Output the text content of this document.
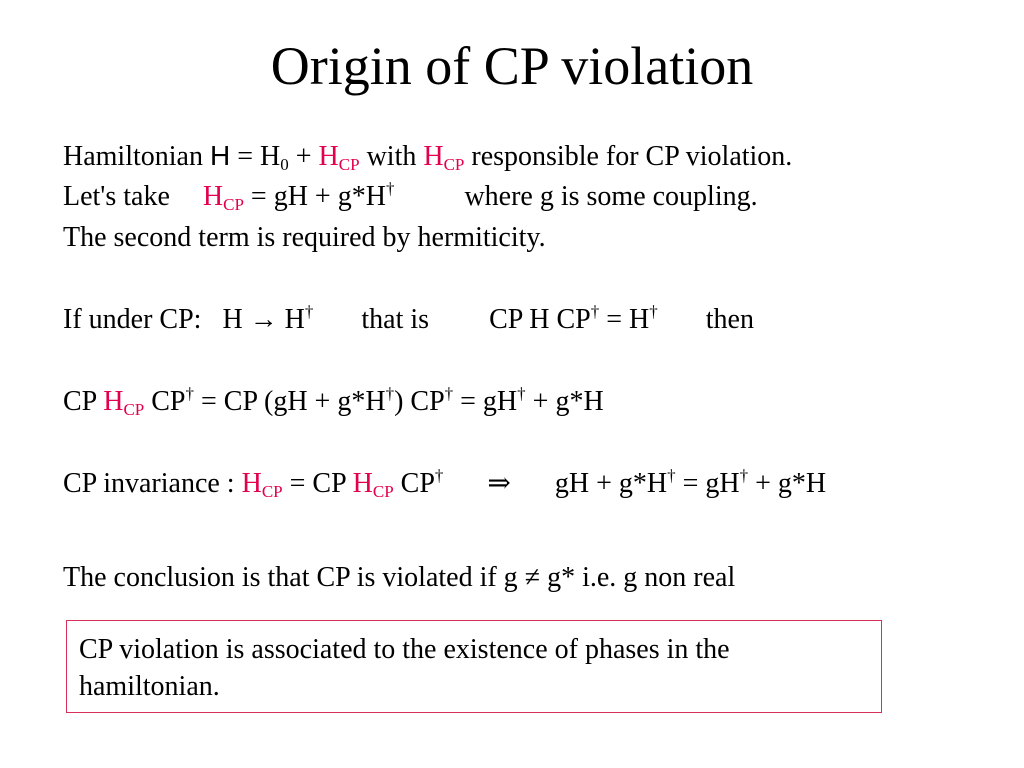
Origin of CP violation
Hamiltonian $H = H_0 + H_{CP}$ with $H_{CP}$ responsible for CP violation.
Let's take $H_{CP}$ = gH + g*H†	where g is some coupling.
The second term is required by hermiticity.
If under CP: H → H† that is CP H CP† = H† then
CP $H_{CP}$ CP† = CP (gH + g*H†) CP† = gH† + g*H
CP invariance : $H_{CP}$ = CP $H_{CP}$ CP† ⇒ gH + g*H† = gH† + g*H
The conclusion is that CP is violated if g ≠ g* i.e. g non real
CP violation is associated to the existence of phases in the hamiltonian.
